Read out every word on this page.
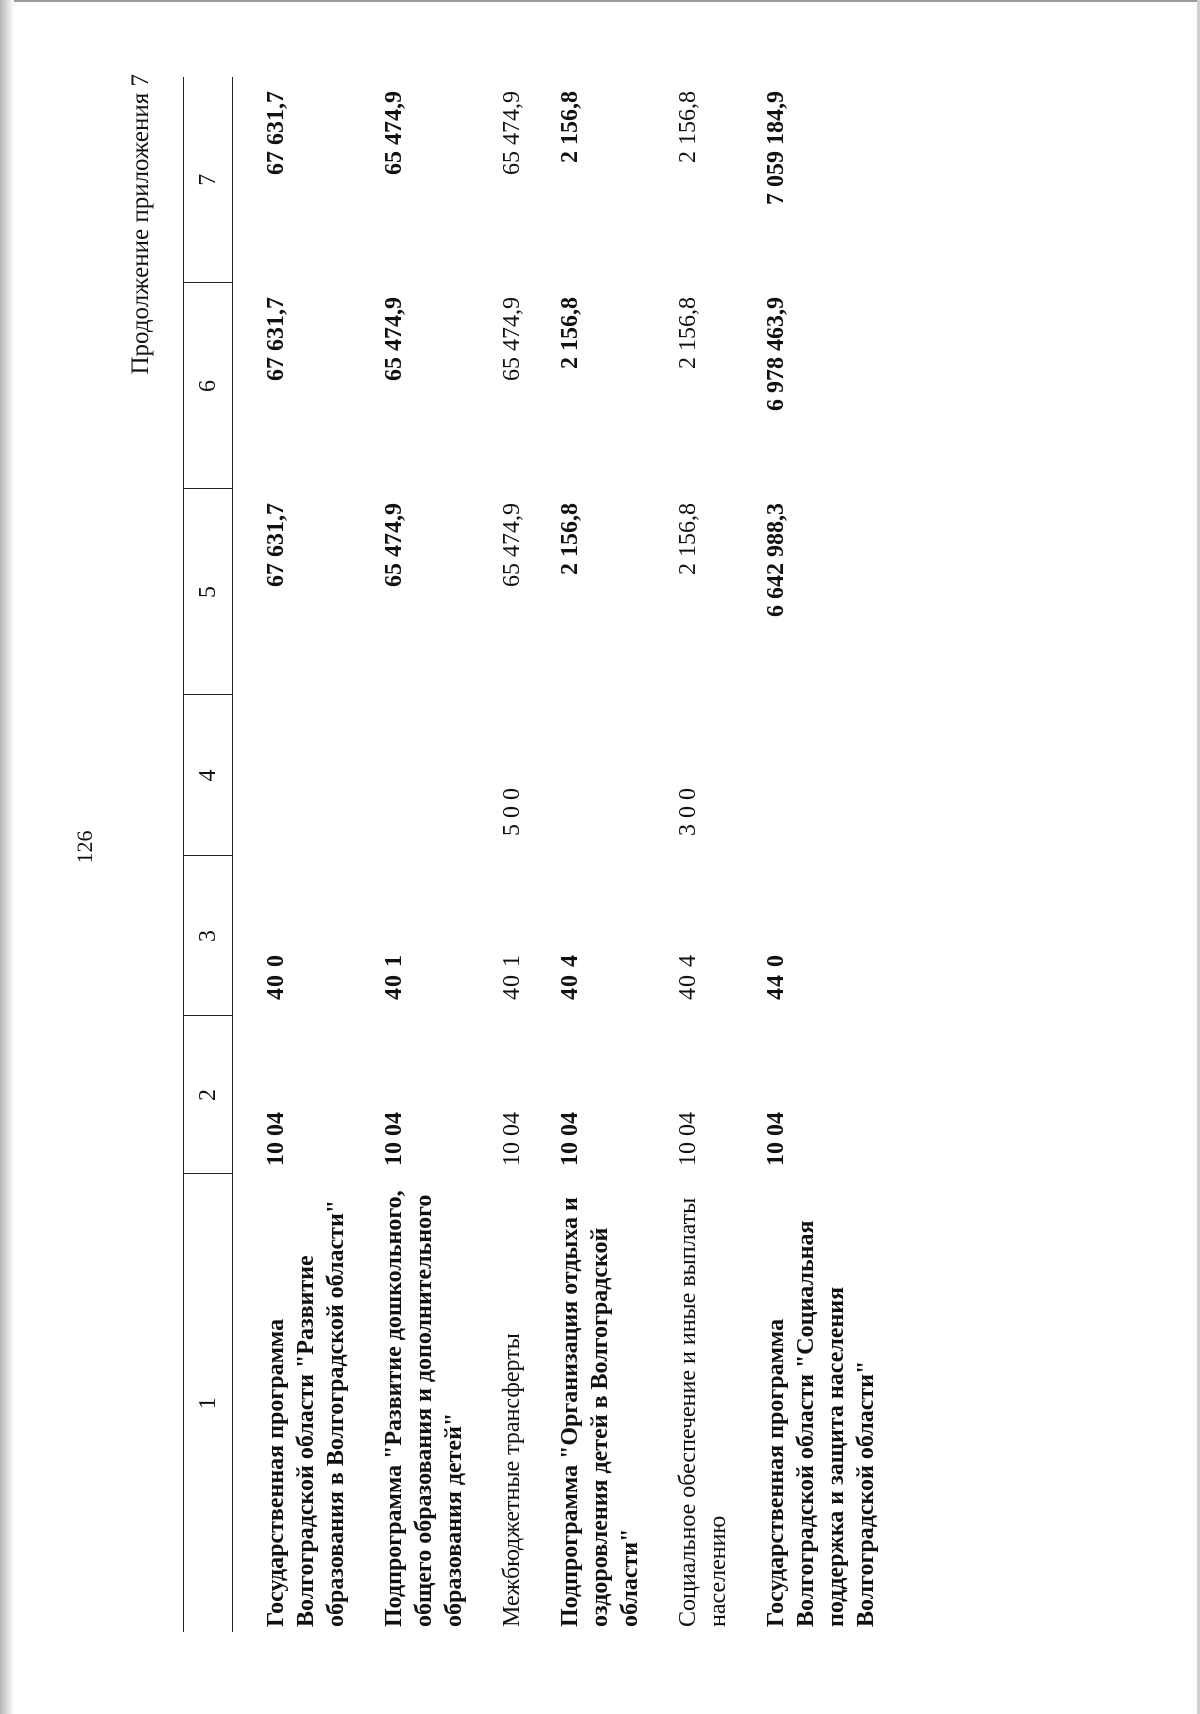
126
Продолжение приложения 7
1	2	3	4	5	6	7

Государственная программа Волгоградской области "Развитие образования в Волгоградской области"	10 04	40 0		67 631,7	67 631,7	67 631,7
Подпрограмма "Развитие дошкольного, общего образования и дополнительного образования детей"	10 04	40 1		65 474,9	65 474,9	65 474,9
Межбюджетные трансферты	10 04	40 1	500	65 474,9	65 474,9	65 474,9
Подпрограмма "Организация отдыха и оздоровления детей в Волгоградской области"	10 04	40 4		2 156,8	2 156,8	2 156,8
Социальное обеспечение и иные выплаты населению	10 04	40 4	300	2 156,8	2 156,8	2 156,8
Государственная программа Волгоградской области "Социальная поддержка и защита населения Волгоградской области"	10 04	44 0		6 642 988,3	6 978 463,9	7 059 184,9
